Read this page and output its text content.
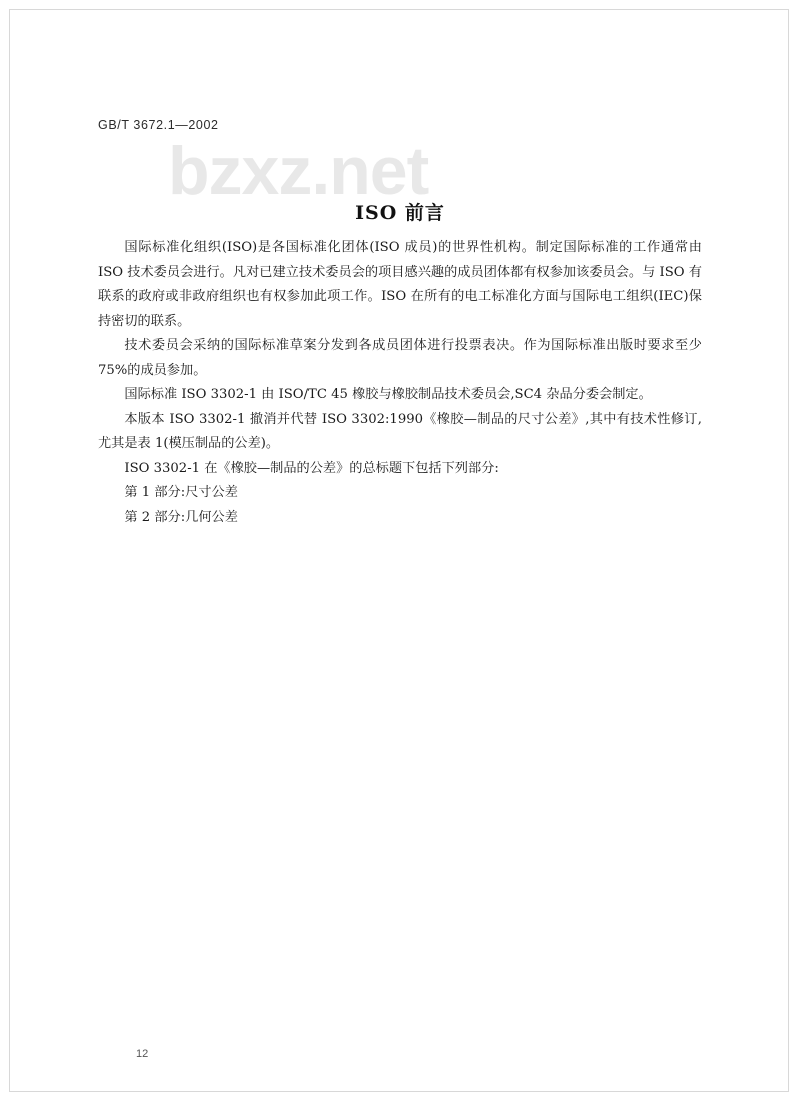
GB/T 3672.1—2002
bzxz.net
ISO 前言

国际标准化组织(ISO)是各国标准化团体(ISO 成员)的世界性机构。制定国际标准的工作通常由 ISO 技术委员会进行。凡对已建立技术委员会的项目感兴趣的成员团体都有权参加该委员会。与 ISO 有联系的政府或非政府组织也有权参加此项工作。ISO 在所有的电工标准化方面与国际电工组织(IEC)保持密切的联系。

技术委员会采纳的国际标准草案分发到各成员团体进行投票表决。作为国际标准出版时要求至少 75%的成员参加。

国际标准 ISO 3302-1 由 ISO/TC 45 橡胶与橡胶制品技术委员会,SC4 杂品分委会制定。

本版本 ISO 3302-1 撤消并代替 ISO 3302:1990《橡胶—制品的尺寸公差》,其中有技术性修订,尤其是表 1(模压制品的公差)。

ISO 3302-1 在《橡胶—制品的公差》的总标题下包括下列部分:

第 1 部分:尺寸公差

第 2 部分:几何公差

12
